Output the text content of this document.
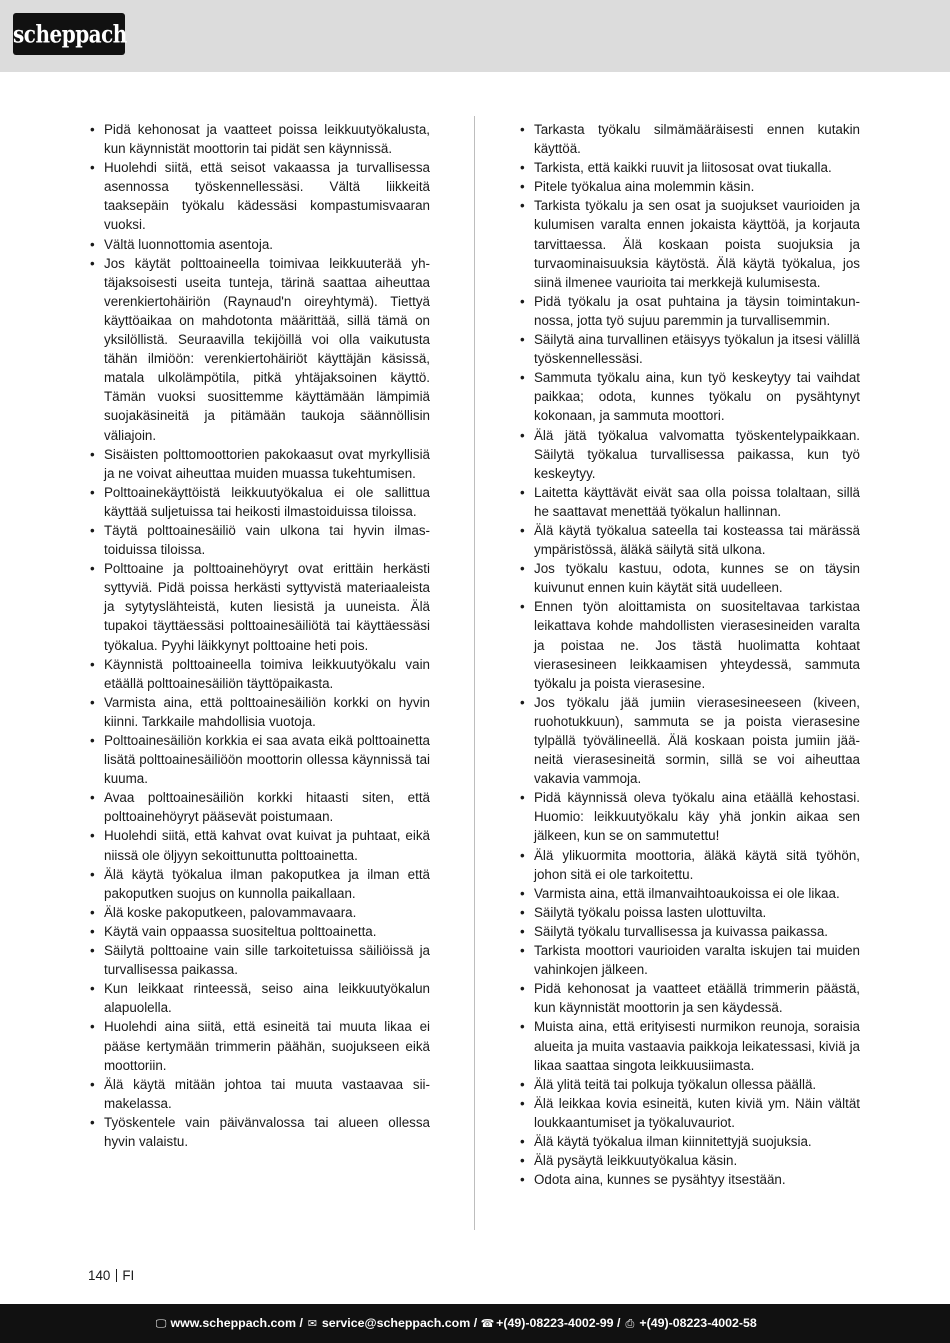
scheppach
• Pidä kehonosat ja vaatteet poissa leikkuutyökalusta, kun käynnistät moottorin tai pidät sen käynnissä.
• Huolehdi siitä, että seisot vakaassa ja turvallisessa asennossa työskennellessäsi. Vältä liikkeitä taaksepäin työkalu kädessäsi kompastumisvaaran vuoksi.
• Vältä luonnottomia asentoja.
• Jos käytät polttoaineella toimivaa leikkuuterää yhtäjaksoisesti useita tunteja, tärinä saattaa aiheuttaa verenkiertohäiriön (Raynaud'n oireyhtymä). Tiettyä käyttöaikaa on mahdotonta määrittää, sillä tämä on yksilöllistä. Seuraavilla tekijöillä voi olla vaikutusta tähän ilmiöön: verenkiertohäiriöt käyttäjän käsissä, matala ulkolämpötila, pitkä yhtäjaksoinen käyttö. Tämän vuoksi suosittemme käyttämään lämpimiä suojakäsineitä ja pitämään taukoja säännöllisin väliajoin.
• Sisäisten polttomoottorien pakokaasut ovat myrkyllisiä ja ne voivat aiheuttaa muiden muassa tukehtumisen.
• Polttoainekäyttöistä leikkuutyökalua ei ole sallittua käyttää suljetuissa tai heikosti ilmastoiduissa tiloissa.
• Täytä polttoainesäiliö vain ulkona tai hyvin ilmastoiduissa tiloissa.
• Polttoaine ja polttoainehöyryt ovat erittäin herkästi syttyviä. Pidä poissa herkästi syttyvistä materiaaleista ja sytytyslähteistä, kuten liesistä ja uuneista. Älä tupakoi täyttäessäsi polttoainesäiliötä tai käyttäessäsi työkalua. Pyyhi läikkynyt polttoaine heti pois.
• Käynnistä polttoaineella toimiva leikkuutyökalu vain etäällä polttoainesäiliön täyttöpaikasta.
• Varmista aina, että polttoainesäiliön korkki on hyvin kiinni. Tarkkaile mahdollisia vuotoja.
• Polttoainesäiliön korkkia ei saa avata eikä polttoainetta lisätä polttoainesäiliöön moottorin ollessa käynnissä tai kuuma.
• Avaa polttoainesäiliön korkki hitaasti siten, että polttoainehöyryt pääsevät poistumaan.
• Huolehdi siitä, että kahvat ovat kuivat ja puhtaat, eikä niissä ole öljyyn sekoittunutta polttoainetta.
• Älä käytä työkalua ilman pakoputkea ja ilman että pakoputken suojus on kunnolla paikallaan.
• Älä koske pakoputkeen, palovammavaara.
• Käytä vain oppaassa suositeltua polttoainetta.
• Säilytä polttoaine vain sille tarkoitetuissa säiliöissä ja turvallisessa paikassa.
• Kun leikkaat rinteessä, seiso aina leikkuutyökalun alapuolella.
• Huolehdi aina siitä, että esineitä tai muuta likaa ei pääse kertymään trimmerin päähän, suojukseen eikä moottoriin.
• Älä käytä mitään johtoa tai muuta vastaavaa siimakelassa.
• Työskentele vain päivänvalossa tai alueen ollessa hyvin valaistu.
• Tarkasta työkalu silmämääräisesti ennen kutakin käyttöä.
• Tarkista, että kaikki ruuvit ja liitososat ovat tiukalla.
• Pitele työkalua aina molemmin käsin.
• Tarkista työkalu ja sen osat ja suojukset vaurioiden ja kulumisen varalta ennen jokaista käyttöä, ja korjauta tarvittaessa. Älä koskaan poista suojuksia ja turvaominaisuuksia käytöstä. Älä käytä työkalua, jos siinä ilmenee vaurioita tai merkkejä kulumisesta.
• Pidä työkalu ja osat puhtaina ja täysin toimintakunnossa, jotta työ sujuu paremmin ja turvallisemmin.
• Säilytä aina turvallinen etäisyys työkalun ja itsesi välillä työskennellessäsi.
• Sammuta työkalu aina, kun työ keskeytyy tai vaihdat paikkaa; odota, kunnes työkalu on pysähtynyt kokonaan, ja sammuta moottori.
• Älä jätä työkalua valvomatta työskentelypaikkaan. Säilytä työkalua turvallisessa paikassa, kun työ keskeytyy.
• Laitetta käyttävät eivät saa olla poissa tolaltaan, sillä he saattavat menettää työkalun hallinnan.
• Älä käytä työkalua sateella tai kosteassa tai märässä ympäristössä, äläkä säilytä sitä ulkona.
• Jos työkalu kastuu, odota, kunnes se on täysin kuivunut ennen kuin käytät sitä uudelleen.
• Ennen työn aloittamista on suositeltavaa tarkistaa leikattava kohde mahdollisten vierasesineiden varalta ja poistaa ne. Jos tästä huolimatta kohtaat vierasesineen leikkaamisen yhteydessä, sammuta työkalu ja poista vierasesine.
• Jos työkalu jää jumiin vierasesineeseen (kiveen, ruohotukkuun), sammuta se ja poista vierasesine tylpällä työvälineellä. Älä koskaan poista jumiin jääneitä vierasesineitä sormin, sillä se voi aiheuttaa vakavia vammoja.
• Pidä käynnissä oleva työkalu aina etäällä kehostasi. Huomio: leikkuutyökalu käy yhä jonkin aikaa sen jälkeen, kun se on sammutettu!
• Älä ylikuormita moottoria, äläkä käytä sitä työhön, johon sitä ei ole tarkoitettu.
• Varmista aina, että ilmanvaihtoaukoissa ei ole likaa.
• Säilytä työkalu poissa lasten ulottuvilta.
• Säilytä työkalu turvallisessa ja kuivassa paikassa.
• Tarkista moottori vaurioiden varalta iskujen tai muiden vahinkojen jälkeen.
• Pidä kehonosat ja vaatteet etäällä trimmerin päästä, kun käynnistät moottorin ja sen käydessä.
• Muista aina, että erityisesti nurmikon reunoja, soraisia alueita ja muita vastaavia paikkoja leikatessasi, kiviä ja likaa saattaa singota leikkuusiimasta.
• Älä ylitä teitä tai polkuja työkalun ollessa päällä.
• Älä leikkaa kovia esineitä, kuten kiviä ym. Näin vältät loukkaantumiset ja työkaluvauriot.
• Älä käytä työkalua ilman kiinnitettyjä suojuksia.
• Älä pysäytä leikkuutyökalua käsin.
• Odota aina, kunnes se pysähtyy itsestään.
140 FI
🖵 www.scheppach.com / ✉ service@scheppach.com / ☎ +(49)-08223-4002-99 / ⎙ +(49)-08223-4002-58
